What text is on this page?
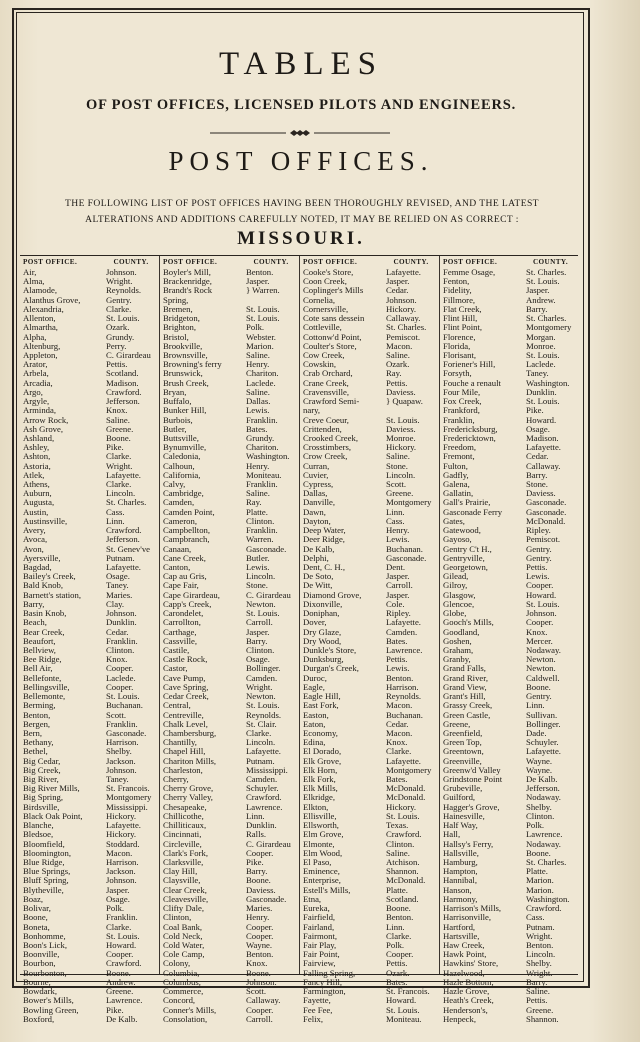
TABLES
OF POST OFFICES, LICENSED PILOTS AND ENGINEERS.
POST OFFICES.
THE FOLLOWING LIST OF POST OFFICES HAVING BEEN THOROUGHLY REVISED, AND THE LATEST
ALTERATIONS AND ADDITIONS CAREFULLY NOTED, IT MAY BE RELIED ON AS CORRECT :
MISSOURI.
POST OFFICE.	COUNTY.
Air,	Johnson.
Alma,	Wright.
Alamode,	Reynolds.
Alanthus Grove,	Gentry.
Alexandria,	Clarke.
Allenton,	St. Louis.
Almartha,	Ozark.
Alpha,	Grundy.
Altenburg,	Perry.
Appleton,	C. Girardeau
Arator,	Pettis.
Arbela,	Scotland.
Arcadia,	Madison.
Argo,	Crawford.
Argyle,	Jefferson.
Arminda,	Knox.
Arrow Rock,	Saline.
Ash Grove,	Greene.
Ashland,	Boone.
Ashley,	Pike.
Ashton,	Clarke.
Astoria,	Wright.
Atlek,	Lafayette.
Athens,	Clarke.
Auburn,	Lincoln.
Augusta,	St. Charles.
Austin,	Cass.
Austinsville,	Linn.
Avery,	Crawford.
Avoca,	Jefferson.
Avon,	St. Genev've
Ayersville,	Putnam.
Bagdad,	Lafayette.
Bailey's Creek,	Osage.
Bald Knob,	Taney.
Barnett's station,	Maries.
Barry,	Clay.
Basin Knob,	Johnson.
Beach,	Dunklin.
Bear Creek,	Cedar.
Beaufort,	Franklin.
Bellview,	Clinton.
Bee Ridge,	Knox.
Bell Air,	Cooper.
Bellefonte,	Laclede.
Bellingsville,	Cooper.
Bellemonte,	St. Louis.
Berming,	Buchanan.
Benton,	Scott.
Bergen,	Franklin.
Bern,	Gasconade.
Bethany,	Harrison.
Bethel,	Shelby.
Big Cedar,	Jackson.
Big Creek,	Johnson.
Big River,	Taney.
Big River Mills,	St. Francois.
Big Spring,	Montgomery
Birdsville,	Mississippi.
Black Oak Point,	Hickory.
Blanche,	Lafayette.
Bledsoe,	Hickory.
Bloomfield,	Stoddard.
Bloomington,	Macon.
Blue Ridge,	Harrison.
Blue Springs,	Jackson.
Bluff Spring,	Johnson.
Blytheville,	Jasper.
Boaz,	Osage.
Bolivar,	Polk.
Boone,	Franklin.
Boneta,	Clarke.
Bonhomme,	St. Louis.
Boon's Lick,	Howard.
Boonville,	Cooper.
Bourbon,	Crawford.
Bourbonton,	Boone.
Bourne,	Andrew.
Bowdark,	Greene.
Bower's Mills,	Lawrence.
Bowling Green,	Pike.
Boxford,	De Kalb.
POST OFFICE.	COUNTY.
Boyler's Mill,	Benton.
Brackenridge,	Jasper.
Brandt's Rock	} Warren.
Spring,
Bremen,	St. Louis.
Bridgeton,	St. Louis.
Brighton,	Polk.
Bristol,	Webster.
Brookville,	Marion.
Brownsville,	Saline.
Browning's ferry	Henry.
Brunswick,	Chariton.
Brush Creek,	Laclede.
Bryan,	Saline.
Buffalo,	Dallas.
Bunker Hill,	Lewis.
Burbois,	Franklin.
Butler,	Bates.
Buttsville,	Grundy.
Bynumville,	Chariton.
Caledonia,	Washington.
Calhoun,	Henry.
California,	Moniteau.
Calvy,	Franklin.
Cambridge,	Saline.
Camden,	Ray.
Camden Point,	Platte.
Cameron,	Clinton.
Campbellton,	Franklin.
Campbranch,	Warren.
Canaan,	Gasconade.
Cane Creek,	Butler.
Canton,	Lewis.
Cap au Gris,	Lincoln.
Cape Fair,	Stone.
Cape Girardeau,	C. Girardeau
Capp's Creek,	Newton.
Carondelet,	St. Louis.
Carrollton,	Carroll.
Carthage,	Jasper.
Cassville,	Barry.
Castile,	Clinton.
Castle Rock,	Osage.
Castor,	Bollinger.
Cave Pump,	Camden.
Cave Spring,	Wright.
Cedar Creek,	Newton.
Central,	St. Louis.
Centreville,	Reynolds.
Chalk Level,	St. Clair.
Chambersburg,	Clarke.
Chantilly,	Lincoln.
Chapel Hill,	Lafayette.
Chariton Mills,	Putnam.
Charleston,	Mississippi.
Cherry,	Camden.
Cherry Grove,	Schuyler.
Cherry Valley,	Crawford.
Chesapeake,	Lawrence.
Chillicothe,	Linn.
Chilliticaux,	Dunklin.
Cincinnati,	Ralls.
Circleville,	C. Girardeau
Clark's Fork,	Cooper.
Clarksville,	Pike.
Clay Hill,	Barry.
Claysville,	Boone.
Clear Creek,	Daviess.
Cleavesville,	Gasconade.
Clifty Dale,	Maries.
Clinton,	Henry.
Coal Bank,	Cooper.
Cold Neck,	Cooper.
Cold Water,	Wayne.
Cole Camp,	Benton.
Colony,	Knox.
Columbia,	Boone.
Columbus,	Johnson.
Commerce,	Scott.
Concord,	Callaway.
Conner's Mills,	Cooper.
Consolation,	Carroll.
POST OFFICE.	COUNTY.
Cooke's Store,	Lafayette.
Coon Creek,	Jasper.
Coplinger's Mills	Cedar.
Cornelia,	Johnson.
Cornersville,	Hickory.
Cote sans dessein	Callaway.
Cottleville,	St. Charles.
Cottonw'd Point,	Pemiscot.
Coulter's Store,	Macon.
Cow Creek,	Saline.
Cowskin,	Ozark.
Crab Orchard,	Ray.
Crane Creek,	Pettis.
Cravensville,	Daviess.
Crawford Semi-	} Quapaw.
nary,
Creve Coeur,	St. Louis.
Crittenden,	Daviess.
Crooked Creek,	Monroe.
Crosstimbers,	Hickory.
Crow Creek,	Saline.
Curran,	Stone.
Cuvier,	Lincoln.
Cypress,	Scott.
Dallas,	Greene.
Danville,	Montgomery
Dawn,	Linn.
Dayton,	Cass.
Deep Water,	Henry.
Deer Ridge,	Lewis.
De Kalb,	Buchanan.
Delphi,	Gasconade.
Dent, C. H.,	Dent.
De Soto,	Jasper.
De Witt,	Carroll.
Diamond Grove,	Jasper.
Dixonville,	Cole.
Doniphan,	Ripley.
Dover,	Lafayette.
Dry Glaze,	Camden.
Dry Wood,	Bates.
Dunkle's Store,	Lawrence.
Dunksburg,	Pettis.
Durgan's Creek,	Lewis.
Duroc,	Benton.
Eagle,	Harrison.
Eagle Hill,	Reynolds.
East Fork,	Macon.
Easton,	Buchanan.
Eaton,	Cedar.
Economy,	Macon.
Edina,	Knox.
El Dorado,	Clarke.
Elk Grove,	Lafayette.
Elk Horn,	Montgomery
Elk Fork,	Bates.
Elk Mills,	McDonald.
Elkridge,	McDonald.
Elkton,	Hickory.
Ellisville,	St. Louis.
Ellsworth,	Texas.
Elm Grove,	Crawford.
Elmonte,	Clinton.
Elm Wood,	Saline.
El Paso,	Atchison.
Eminence,	Shannon.
Enterprise,	McDonald.
Estell's Mills,	Platte.
Etna,	Scotland.
Eureka,	Boone.
Fairfield,	Benton.
Fairland,	Linn.
Fairmont,	Clarke.
Fair Play,	Polk.
Fair Point,	Cooper.
Fairview,	Pettis.
Falling Spring,	Ozark.
Fancy Hill,	Bates.
Farmington,	St. Francois.
Fayette,	Howard.
Fee Fee,	St. Louis.
Felix,	Moniteau.
POST OFFICE.	COUNTY.
Femme Osage,	St. Charles.
Fenton,	St. Louis.
Fidelity,	Jasper.
Fillmore,	Andrew.
Flat Creek,	Barry.
Flint Hill,	St. Charles.
Flint Point,	Montgomery
Florence,	Morgan.
Florida,	Monroe.
Florisant,	St. Louis.
Foriener's Hill,	Laclede.
Forsyth,	Taney.
Fouche a renault	Washington.
Four Mile,	Dunklin.
Fox Creek,	St. Louis.
Frankford,	Pike.
Franklin,	Howard.
Fredericksburg,	Osage.
Fredericktown,	Madison.
Freedom,	Lafayette.
Fremont,	Cedar.
Fulton,	Callaway.
Gadfly,	Barry.
Galena,	Stone.
Gallatin,	Daviess.
Gall's Prairie,	Gasconade.
Gasconade Ferry	Gasconade.
Gates,	McDonald.
Gatewood,	Ripley.
Gayoso,	Pemiscot.
Gentry C't H.,	Gentry.
Gentryville,	Gentry.
Georgetown,	Pettis.
Gilead,	Lewis.
Gilroy,	Cooper.
Glasgow,	Howard.
Glencoe,	St. Louis.
Globe,	Johnson.
Gooch's Mills,	Cooper.
Goodland,	Knox.
Goshen,	Mercer.
Graham,	Nodaway.
Granby,	Newton.
Grand Falls,	Newton.
Grand River,	Caldwell.
Grand View,	Boone.
Grant's Hill,	Gentry.
Grassy Creek,	Linn.
Green Castle,	Sullivan.
Greene,	Bollinger.
Greenfield,	Dade.
Green Top,	Schuyler.
Greentown,	Lafayette.
Greenville,	Wayne.
Greenw'd Valley	Wayne.
Grindstone Point	De Kalb.
Grubeville,	Jefferson.
Guilford,	Nodaway.
Hagger's Grove,	Shelby.
Hainesville,	Clinton.
Half Way,	Polk.
Hall,	Lawrence.
Hallsy's Ferry,	Nodaway.
Hallsville,	Boone.
Hamburg,	St. Charles.
Hampton,	Platte.
Hannibal,	Marion.
Hanson,	Marion.
Harmony,	Washington.
Harrison's Mills,	Crawford.
Harrisonville,	Cass.
Hartford,	Putnam.
Hartsville,	Wright.
Haw Creek,	Benton.
Hawk Point,	Lincoln.
Hawkins' Store,	Shelby.
Hazelwood,	Wright.
Hazle Bottom,	Barry.
Hazle Grove,	Saline.
Heath's Creek,	Pettis.
Henderson's,	Greene.
Henpeck,	Shannon.
